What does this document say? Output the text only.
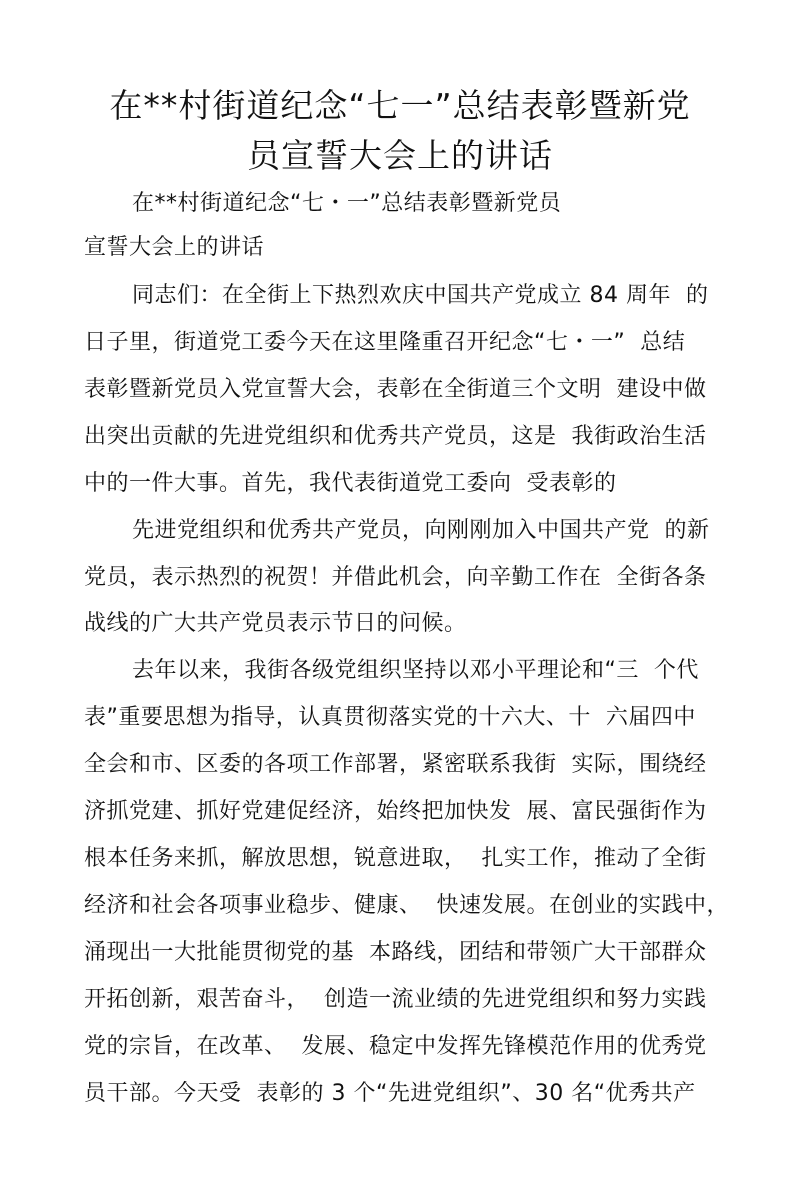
在**村街道纪念“七一”总结表彰暨新党
员宣誓大会上的讲话
在**村街道纪念“七・一”总结表彰暨新党员
宣誓大会上的讲话
同志们：在全街上下热烈欢庆中国共产党成立 84 周年  的
日子里，街道党工委今天在这里隆重召开纪念“七・一”  总结
表彰暨新党员入党宣誓大会，表彰在全街道三个文明  建设中做
出突出贡献的先进党组织和优秀共产党员，这是  我街政治生活
中的一件大事。首先，我代表街道党工委向  受表彰的
先进党组织和优秀共产党员，向刚刚加入中国共产党  的新
党员，表示热烈的祝贺！并借此机会，向辛勤工作在  全街各条
战线的广大共产党员表示节日的问候。
去年以来，我街各级党组织坚持以邓小平理论和“三  个代
表”重要思想为指导，认真贯彻落实党的十六大、十  六届四中
全会和市、区委的各项工作部署，紧密联系我街  实际，围绕经
济抓党建、抓好党建促经济，始终把加快发  展、富民强街作为
根本任务来抓，解放思想，锐意进取，  扎实工作，推动了全街
经济和社会各项事业稳步、健康、  快速发展。在创业的实践中，
涌现出一大批能贯彻党的基  本路线，团结和带领广大干部群众
开拓创新，艰苦奋斗，  创造一流业绩的先进党组织和努力实践
党的宗旨，在改革、  发展、稳定中发挥先锋模范作用的优秀党
员干部。今天受  表彰的 3 个“先进党组织”、30 名“优秀共产
